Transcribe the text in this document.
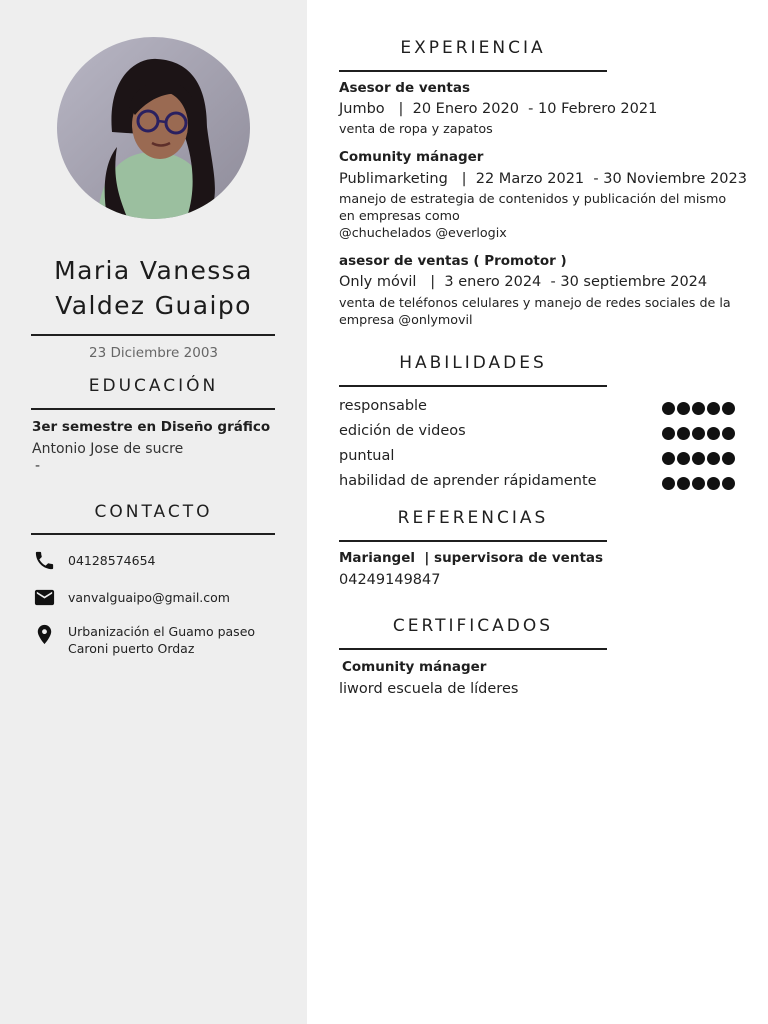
Maria Vanessa
Valdez Guaipo
23 Diciembre 2003
EDUCACIÓN
3er semestre en Diseño gráfico
Antonio Jose de sucre
-
CONTACTO
04128574654
vanvalguaipo@gmail.com
Urbanización el Guamo paseo
Caroni puerto Ordaz
EXPERIENCIA
Asesor de ventas
Jumbo   |  20 Enero 2020  - 10 Febrero 2021
venta de ropa y zapatos
Comunity mánager
Publimarketing   |  22 Marzo 2021  - 30 Noviembre 2023
manejo de estrategia de contenidos y publicación del mismo
en empresas como
@chuchelados @everlogix
asesor de ventas ( Promotor )
Only móvil   |  3 enero 2024  - 30 septiembre 2024
venta de teléfonos celulares y manejo de redes sociales de la
empresa @onlymovil
HABILIDADES
responsable
edición de videos
puntual
habilidad de aprender rápidamente
REFERENCIAS
Mariangel  | supervisora de ventas
04249149847
CERTIFICADOS
Comunity mánager
liword escuela de líderes
